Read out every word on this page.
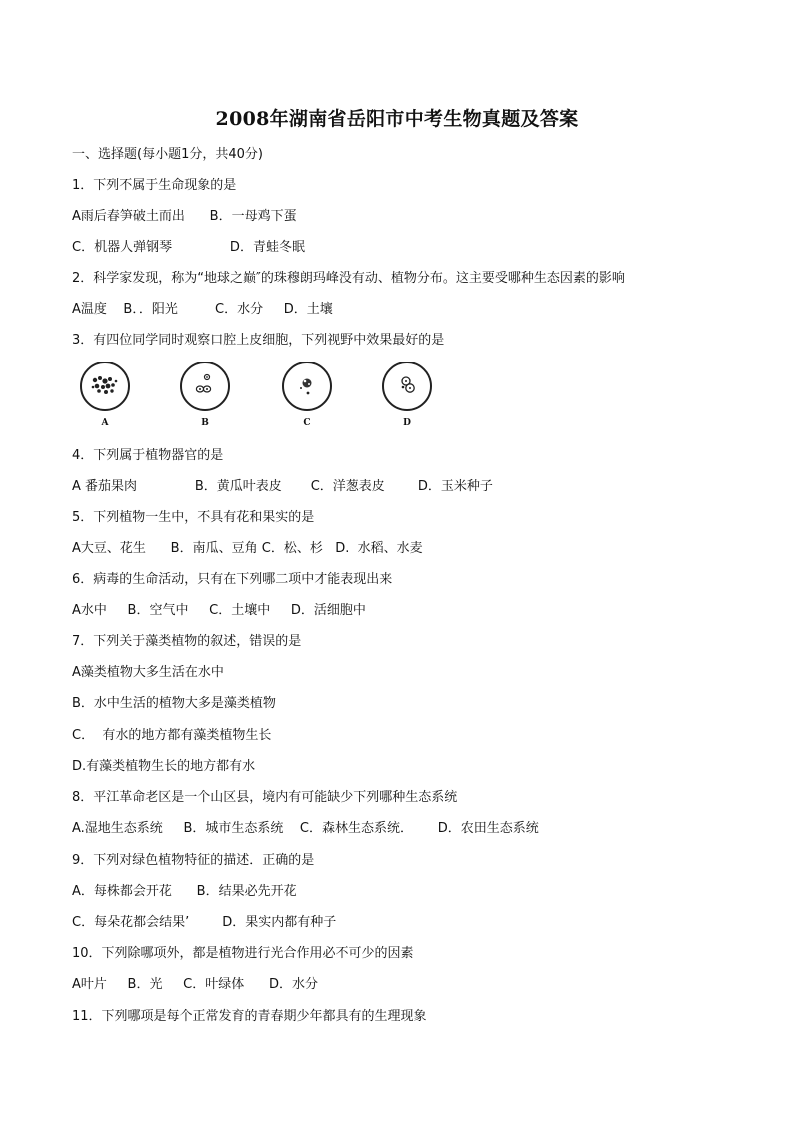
2008年湖南省岳阳市中考生物真题及答案
一、选择题(每小题1分，共40分)
1．下列不属于生命现象的是
A雨后春笋破土而出      B．一母鸡下蛋
C．机器人弹钢琴              D．青蛙冬眠
2．科学家发现，称为“地球之巅″的珠穆朗玛峰没有动、植物分布。这主要受哪种生态因素的影响
A温度    B．．阳光         C．水分     D．土壤
3．有四位同学同时观察口腔上皮细胞，下列视野中效果最好的是
A	B	C	D
4．下列属于植物器官的是
A 番茄果肉              B．黄瓜叶表皮       C．洋葱表皮        D．玉米种子
5．下列植物一生中，不具有花和果实的是
A大豆、花生      B．南瓜、豆角 C．松、杉   D.  水稻、水麦
6．病毒的生命活动，只有在下列哪二项中才能表现出来
A水中     B．空气中     C．土壤中     D．活细胞中
7．下列关于藻类植物的叙述，错误的是
A藻类植物大多生活在水中
B．水中生活的植物大多是藻类植物
C．  有水的地方都有藻类植物生长
D.有藻类植物生长的地方都有水
8．平江革命老区是一个山区县，境内有可能缺少下列哪种生态系统
A.湿地生态系统     B．城市生态系统    C．森林生态系统．      D．农田生态系统
9．下列对绿色植物特征的描述．正确的是
A．每株都会开花      B．结果必先开花
C．每朵花都会结果’        D．果实内都有种子
10．下列除哪项外，都是植物进行光合作用必不可少的因素
A叶片     B．光     C．叶绿体      D．水分
11．下列哪项是每个正常发育的青春期少年都具有的生理现象
